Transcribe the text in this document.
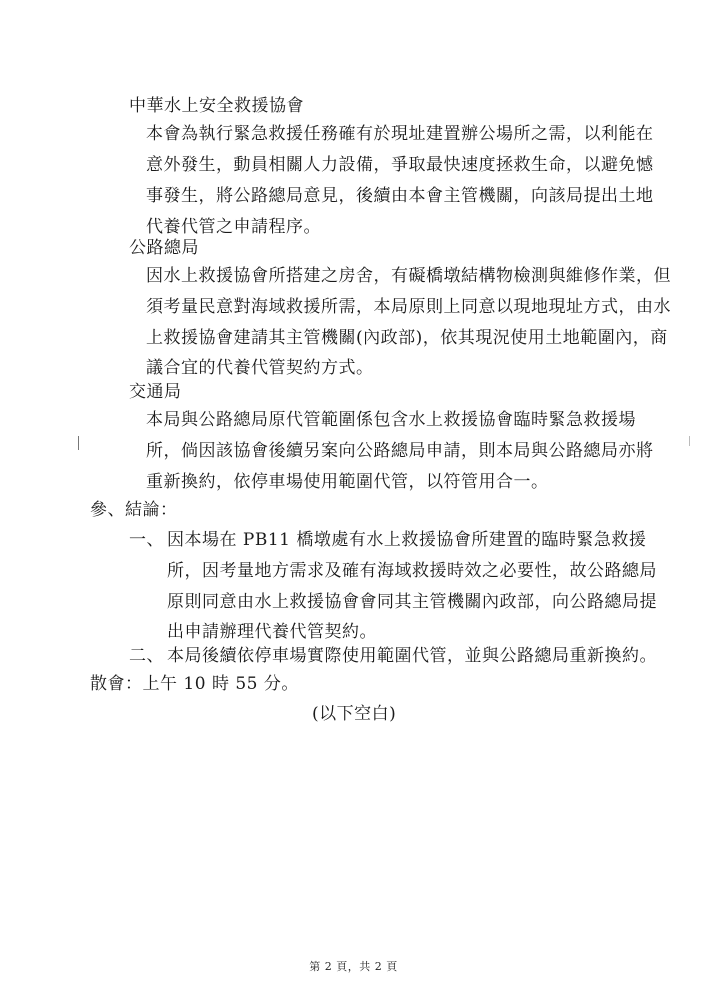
中華水上安全救援協會
本會為執行緊急救援任務確有於現址建置辦公場所之需，以利能在
意外發生，動員相關人力設備，爭取最快速度拯救生命，以避免憾
事發生，將公路總局意見，後續由本會主管機關，向該局提出土地
代養代管之申請程序。
公路總局
因水上救援協會所搭建之房舍，有礙橋墩結構物檢測與維修作業，但
須考量民意對海域救援所需，本局原則上同意以現地現址方式，由水
上救援協會建請其主管機關(內政部)，依其現況使用土地範圍內，商
議合宜的代養代管契約方式。
交通局
本局與公路總局原代管範圍係包含水上救援協會臨時緊急救援場
所，倘因該協會後續另案向公路總局申請，則本局與公路總局亦將
重新換約，依停車場使用範圍代管，以符管用合一。
參、結論：
一、 因本場在 PB11 橋墩處有水上救援協會所建置的臨時緊急救援
所，因考量地方需求及確有海域救援時效之必要性，故公路總局
原則同意由水上救援協會會同其主管機關內政部，向公路總局提
出申請辦理代養代管契約。
二、 本局後續依停車場實際使用範圍代管，並與公路總局重新換約。
散會：上午 10 時 55 分。
(以下空白)
第 2 頁，共 2 頁
